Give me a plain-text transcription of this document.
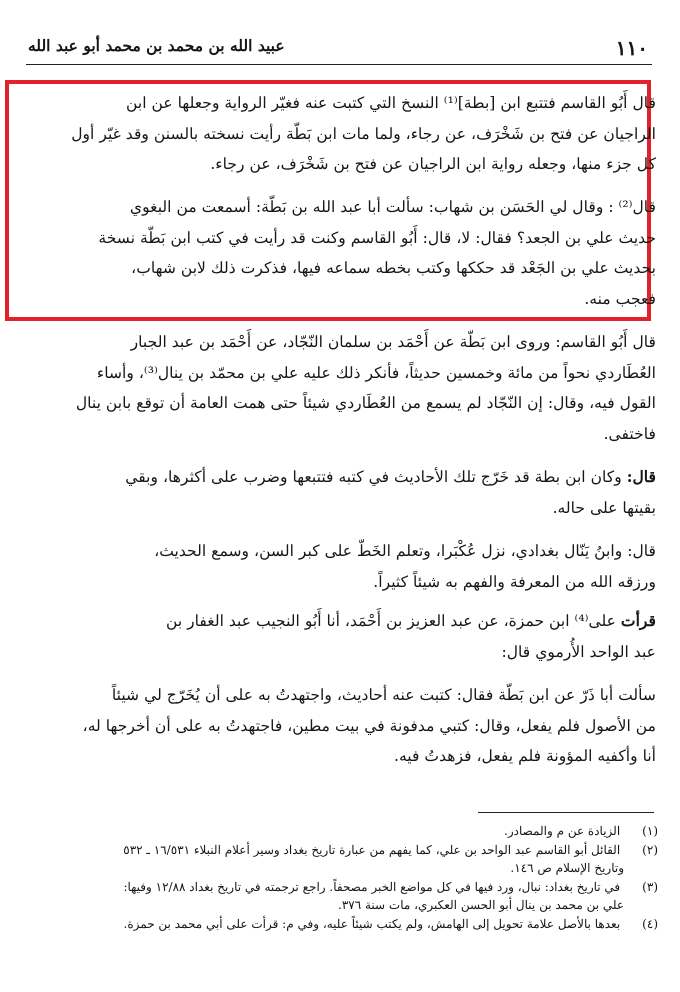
١١٠
عبيد الله بن محمد بن محمد أبو عبد الله
قال أَبُو القاسم فتتبع ابن [بطة]⁽¹⁾ النسخ التي كتبت عنه فغيّر الرواية وجعلها عن ابن
الراجيان عن فتح بن شَخْرَف، عن رجاء، ولما مات ابن بَطّة رأيت نسخته بالسنن وقد غيّر أول
كل جزء منها، وجعله رواية ابن الراجيان عن فتح بن شَخْرَف، عن رجاء.
قال⁽²⁾ : وقال لي الحَسَن بن شهاب: سألت أبا عبد الله بن بَطّة: أسمعت من البغوي
حديث علي بن الجعد؟ فقال: لا، قال: أَبُو القاسم وكنت قد رأيت في كتب ابن بَطّة نسخة
بحديث علي بن الجَعْد قد حككها وكتب بخطه سماعه فيها، فذكرت ذلك لابن شهاب،
فعجب منه.
قال أَبُو القاسم: وروى ابن بَطّة عن أَحْمَد بن سلمان النّجّاد، عن أَحْمَد بن عبد الجبار
العُطَاردي نحواً من مائة وخمسين حديثاً، فأنكر ذلك عليه علي بن محمّد بن ينال⁽³⁾، وأساء
القول فيه، وقال: إن النّجّاد لم يسمع من العُطَاردي شيئاً حتى همت العامة أن توقع بابن ينال
فاختفى.
قال: وكان ابن بطة قد خَرّج تلك الأحاديث في كتبه فتتبعها وضرب على أكثرها، وبقي
بقيتها على حاله.
قال: وابنُ يَنّال بغدادي، نزل عُكْبَرا، وتعلم الخَطّ على كبر السن، وسمع الحديث،
ورزقه الله من المعرفة والفهم به شيئاً كثيراً.
قرأت على⁽⁴⁾ ابن حمزة، عن عبد العزيز بن أَحْمَد، أنا أَبُو النجيب عبد الغفار بن
عبد الواحد الأُرموي قال:
سألت أبا ذَرّ عن ابن بَطّة فقال: كتبت عنه أحاديث، واجتهدتُ به على أن يُخَرّج لي شيئاً
من الأصول فلم يفعل، وقال: كتبي مدفونة في بيت مطين، فاجتهدتُ به على أن أخرجها له،
أنا وأكفيه المؤونة فلم يفعل، فزهدتُ فيه.
(١) الزيادة عن م والمصادر.
(٢) القائل أبو القاسم عبد الواحد بن علي، كما يفهم من عبارة تاريخ بغداد وسير أعلام النبلاء ١٦/٥٣١ ـ ٥٣٢
وتاريخ الإسلام ص ١٤٦.
(٣) في تاريخ بغداد: نبال، ورد فيها في كل مواضع الخبر مصحفاً. راجع ترجمته في تاريخ بغداد ١٢/٨٨ وفيها:
علي بن محمد بن ينال أبو الحسن العكبري، مات سنة ٣٧٦.
(٤) بعدها بالأصل علامة تحويل إلى الهامش، ولم يكتب شيئاً عليه، وفي م: قرأت على أبي محمد بن حمزة.
